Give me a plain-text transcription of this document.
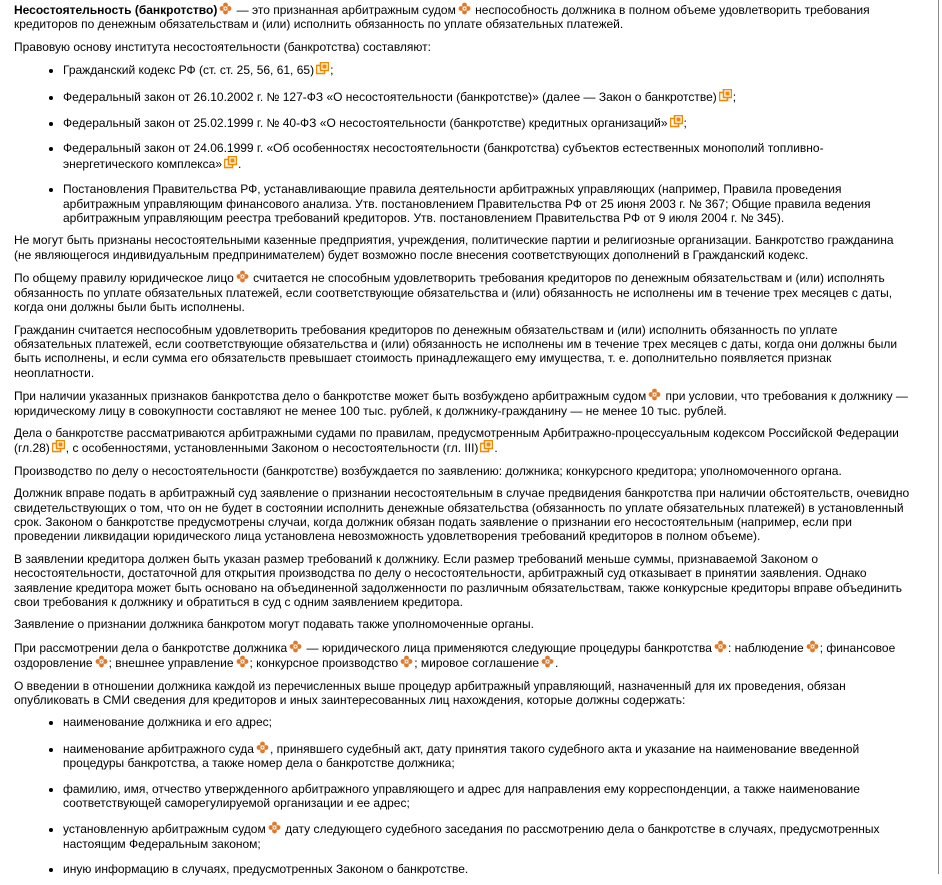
Несостоятельность (банкротство)
— это признанная арбитражным судом
неспособность должника в полном объеме удовлетворить требования кредиторов по денежным обязательствам и (или) исполнить обязанность по уплате обязательных платежей.

Правовую основу института несостоятельности (банкротства) составляют:

• Гражданский кодекс РФ (ст. ст. 25, 56, 61, 65) ;
• Федеральный закон от 26.10.2002 г. № 127-ФЗ «О несостоятельности (банкротстве)» (далее — Закон о банкротстве) ;
• Федеральный закон от 25.02.1999 г. № 40-ФЗ «О несостоятельности (банкротстве) кредитных организаций» ;
• Федеральный закон от 24.06.1999 г. «Об особенностях несостоятельности (банкротства) субъектов естественных монополий топливно-энергетического комплекса» .
• Постановления Правительства РФ, устанавливающие правила деятельности арбитражных управляющих (например, Правила проведения арбитражным управляющим финансового анализа. Утв. постановлением Правительства РФ от 25 июня 2003 г. № 367; Общие правила ведения арбитражным управляющим реестра требований кредиторов. Утв. постановлением Правительства РФ от 9 июля 2004 г. № 345).

Не могут быть признаны несостоятельными казенные предприятия, учреждения, политические партии и религиозные организации. Банкротство гражданина (не являющегося индивидуальным предпринимателем) будет возможно после внесения соответствующих дополнений в Гражданский кодекс.

По общему правилу юридическое лицо
считается не способным удовлетворить требования кредиторов по денежным обязательствам и (или) исполнять обязанность по уплате обязательных платежей, если соответствующие обязательства и (или) обязанность не исполнены им в течение трех месяцев с даты, когда они должны были быть исполнены.

Гражданин считается неспособным удовлетворить требования кредиторов по денежным обязательствам и (или) исполнить обязанность по уплате обязательных платежей, если соответствующие обязательства и (или) обязанность не исполнены им в течение трех месяцев с даты, когда они должны были быть исполнены, и если сумма его обязательств превышает стоимость принадлежащего ему имущества, т. е. дополнительно появляется признак неоплатности.

При наличии указанных признаков банкротства дело о банкротстве может быть возбуждено арбитражным судом
при условии, что требования к должнику — юридическому лицу в совокупности составляют не менее 100 тыс. рублей, к должнику-гражданину — не менее 10 тыс. рублей.

Дела о банкротстве рассматриваются арбитражными судами по правилам, предусмотренным Арбитражно-процессуальным кодексом Российской Федерации (гл.28) , с особенностями, установленными Законом о несостоятельности (гл. III) .

Производство по делу о несостоятельности (банкротстве) возбуждается по заявлению: должника; конкурсного кредитора; уполномоченного органа.

Должник вправе подать в арбитражный суд заявление о признании несостоятельным в случае предвидения банкротства при наличии обстоятельств, очевидно свидетельствующих о том, что он не будет в состоянии исполнить денежные обязательства (обязанность по уплате обязательных платежей) в установленный срок. Законом о банкротстве предусмотрены случаи, когда должник обязан подать заявление о признании его несостоятельным (например, если при проведении ликвидации юридического лица установлена невозможность удовлетворения требований кредиторов в полном объеме).

В заявлении кредитора должен быть указан размер требований к должнику. Если размер требований меньше суммы, признаваемой Законом о несостоятельности, достаточной для открытия производства по делу о несостоятельности, арбитражный суд отказывает в принятии заявления. Однако заявление кредитора может быть основано на объединенной задолженности по различным обязательствам, также конкурсные кредиторы вправе объединить свои требования к должнику и обратиться в суд с одним заявлением кредитора.

Заявление о признании должника банкротом могут подавать также уполномоченные органы.

При рассмотрении дела о банкротстве должника
— юридического лица применяются следующие процедуры банкротства : наблюдение ; финансовое оздоровление ; внешнее управление ; конкурсное производство ; мировое соглашение .

О введении в отношении должника каждой из перечисленных выше процедур арбитражный управляющий, назначенный для их проведения, обязан опубликовать в СМИ сведения для кредиторов и иных заинтересованных лиц нахождения, которые должны содержать:

• наименование должника и его адрес;
• наименование арбитражного суда , принявшего судебный акт, дату принятия такого судебного акта и указание на наименование введенной процедуры банкротства, а также номер дела о банкротстве должника;
• фамилию, имя, отчество утвержденного арбитражного управляющего и адрес для направления ему корреспонденции, а также наименование соответствующей саморегулируемой организации и ее адрес;
• установленную арбитражным судом
дату следующего судебного заседания по рассмотрению дела о банкротстве в случаях, предусмотренных настоящим Федеральным законом;
• иную информацию в случаях, предусмотренных Законом о банкротстве.
